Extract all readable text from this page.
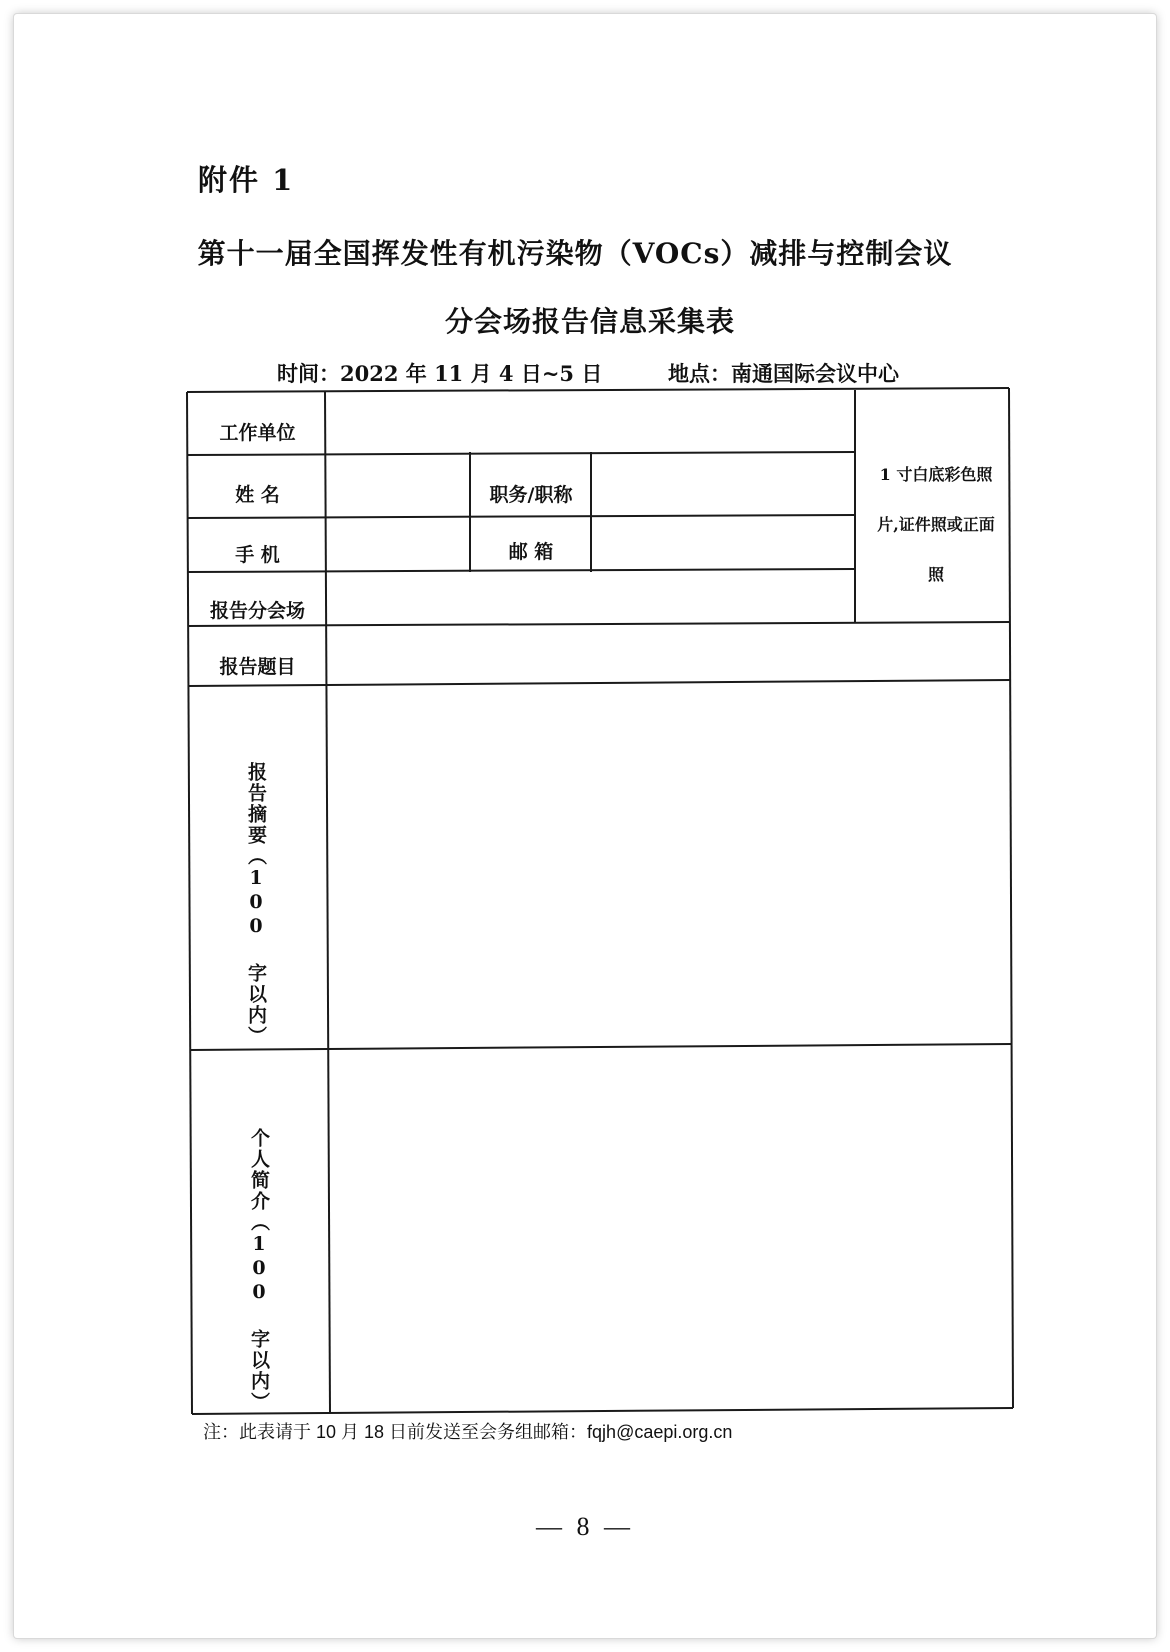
附件 1
第十一届全国挥发性有机污染物（VOCs）减排与控制会议
分会场报告信息采集表
时间：2022 年 11 月 4 日~5 日	地点：南通国际会议中心
工作单位
姓 名	职务/职称
手 机	邮 箱
报告分会场
报告题目
1 寸白底彩色照
片,证件照或正面
照
报告摘要（100 字以内）
个人简介（100 字以内）
注：此表请于 10 月 18 日前发送至会务组邮箱：fqjh@caepi.org.cn
— 8 —
